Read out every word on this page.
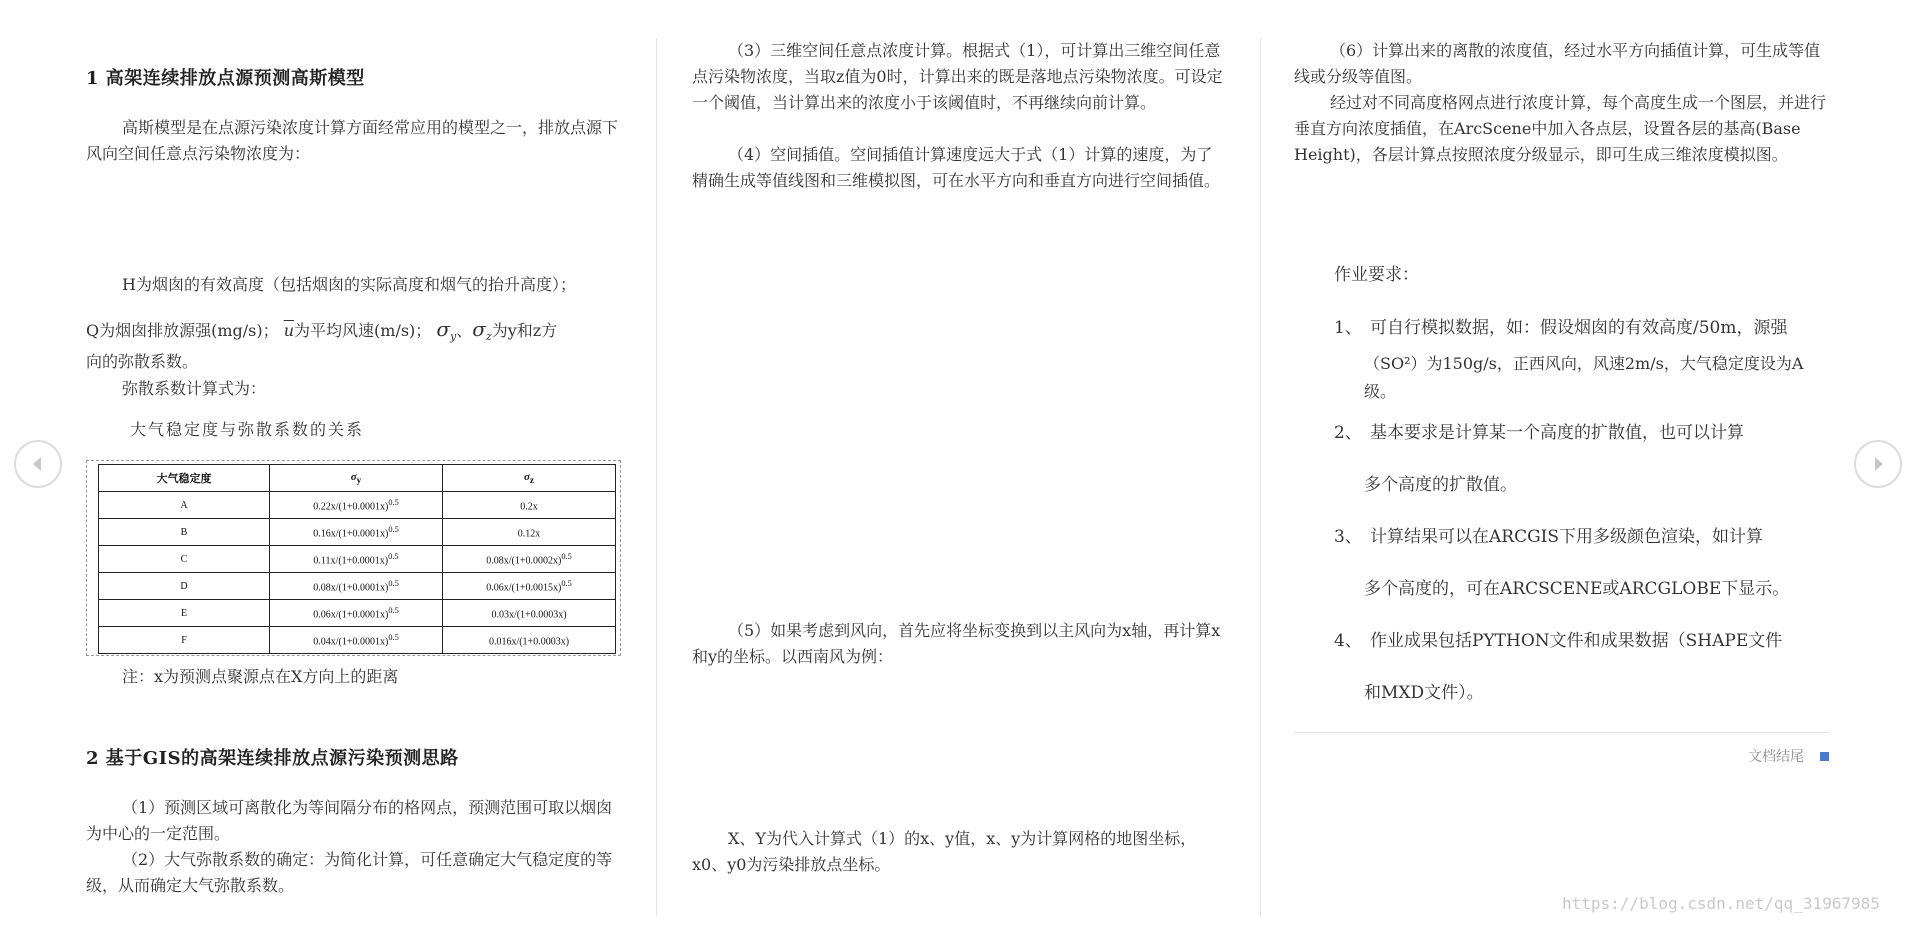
1 高架连续排放点源预测高斯模型

高斯模型是在点源污染浓度计算方面经常应用的模型之一，排放点源下风向空间任意点污染物浓度为：

H为烟囱的有效高度（包括烟囱的实际高度和烟气的抬升高度）；

Q为烟囱排放源强(mg/s)； $\overline{u}$为平均风速(m/s)； $\sigma_y$、$\sigma_z$为y和z方

向的弥散系数。

弥散系数计算式为：

大气稳定度与弥散系数的关系
大气稳定度	$\sigma_y$	$\sigma_z$
A	$0.22x/(1+0.0001x)^{0.5}$	0.2x
B	$0.16x/(1+0.0001x)^{0.5}$	0.12x
C	$0.11x/(1+0.0001x)^{0.5}$	$0.08x/(1+0.0002x)^{0.5}$
D	$0.08x/(1+0.0001x)^{0.5}$	$0.06x/(1+0.0015x)^{0.5}$
E	$0.06x/(1+0.0001x)^{0.5}$	0.03x/(1+0.0003x)
F	$0.04x/(1+0.0001x)^{0.5}$	0.016x/(1+0.0003x)

注：x为预测点聚源点在X方向上的距离

2 基于GIS的高架连续排放点源污染预测思路

（1）预测区域可离散化为等间隔分布的格网点，预测范围可取以烟囱为中心的一定范围。

（2）大气弥散系数的确定：为简化计算，可任意确定大气稳定度的等级，从而确定大气弥散系数。

（3）三维空间任意点浓度计算。根据式（1），可计算出三维空间任意点污染物浓度，当取z值为0时，计算出来的既是落地点污染物浓度。可设定一个阈值，当计算出来的浓度小于该阈值时，不再继续向前计算。

（4）空间插值。空间插值计算速度远大于式（1）计算的速度，为了精确生成等值线图和三维模拟图，可在水平方向和垂直方向进行空间插值。

（5）如果考虑到风向，首先应将坐标变换到以主风向为x轴，再计算x和y的坐标。以西南风为例：

X、Y为代入计算式（1）的x、y值，x、y为计算网格的地图坐标，x0、y0为污染排放点坐标。

（6）计算出来的离散的浓度值，经过水平方向插值计算，可生成等值线或分级等值图。

经过对不同高度格网点进行浓度计算，每个高度生成一个图层，并进行垂直方向浓度插值，在ArcScene中加入各点层，设置各层的基高(Base Height)，各层计算点按照浓度分级显示，即可生成三维浓度模拟图。

作业要求：
1、 可自行模拟数据，如：假设烟囱的有效高度/50m，源强
（SO²）为150g/s，正西风向，风速2m/s，大气稳定度设为A
级。
2、 基本要求是计算某一个高度的扩散值，也可以计算
多个高度的扩散值。
3、 计算结果可以在ARCGIS下用多级颜色渲染，如计算
多个高度的，可在ARCSCENE或ARCGLOBE下显示。
4、 作业成果包括PYTHON文件和成果数据（SHAPE文件
和MXD文件）。
文档结尾
https://blog.csdn.net/qq_31967985
